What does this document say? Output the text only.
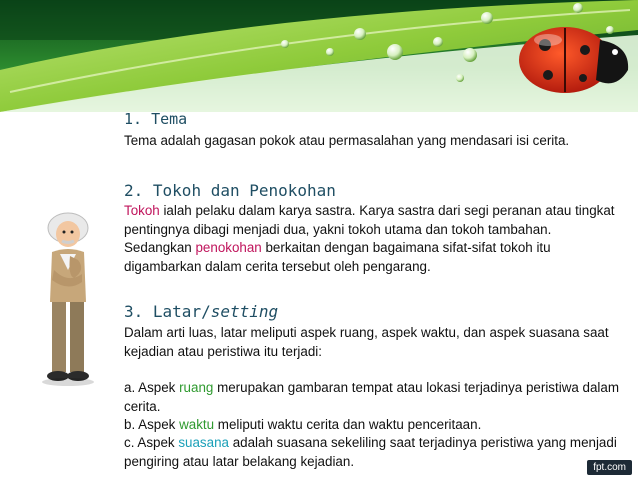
1. Tema

Tema adalah gagasan pokok atau permasalahan yang mendasari isi cerita.

2. Tokoh dan Penokohan

Tokoh ialah pelaku dalam karya sastra. Karya sastra dari segi peranan atau tingkat pentingnya dibagi menjadi dua, yakni tokoh utama dan tokoh tambahan. Sedangkan penokohan berkaitan dengan bagaimana sifat-sifat tokoh itu digambarkan dalam cerita tersebut oleh pengarang.

3. Latar/setting

Dalam arti luas, latar meliputi aspek ruang, aspek waktu, dan aspek suasana saat kejadian atau peristiwa itu terjadi:

a. Aspek ruang merupakan gambaran tempat atau lokasi terjadinya peristiwa dalam cerita.

b. Aspek waktu meliputi waktu cerita dan waktu penceritaan.

c. Aspek suasana adalah suasana sekeliling saat terjadinya peristiwa yang menjadi pengiring atau latar belakang kejadian.	fpt.com
